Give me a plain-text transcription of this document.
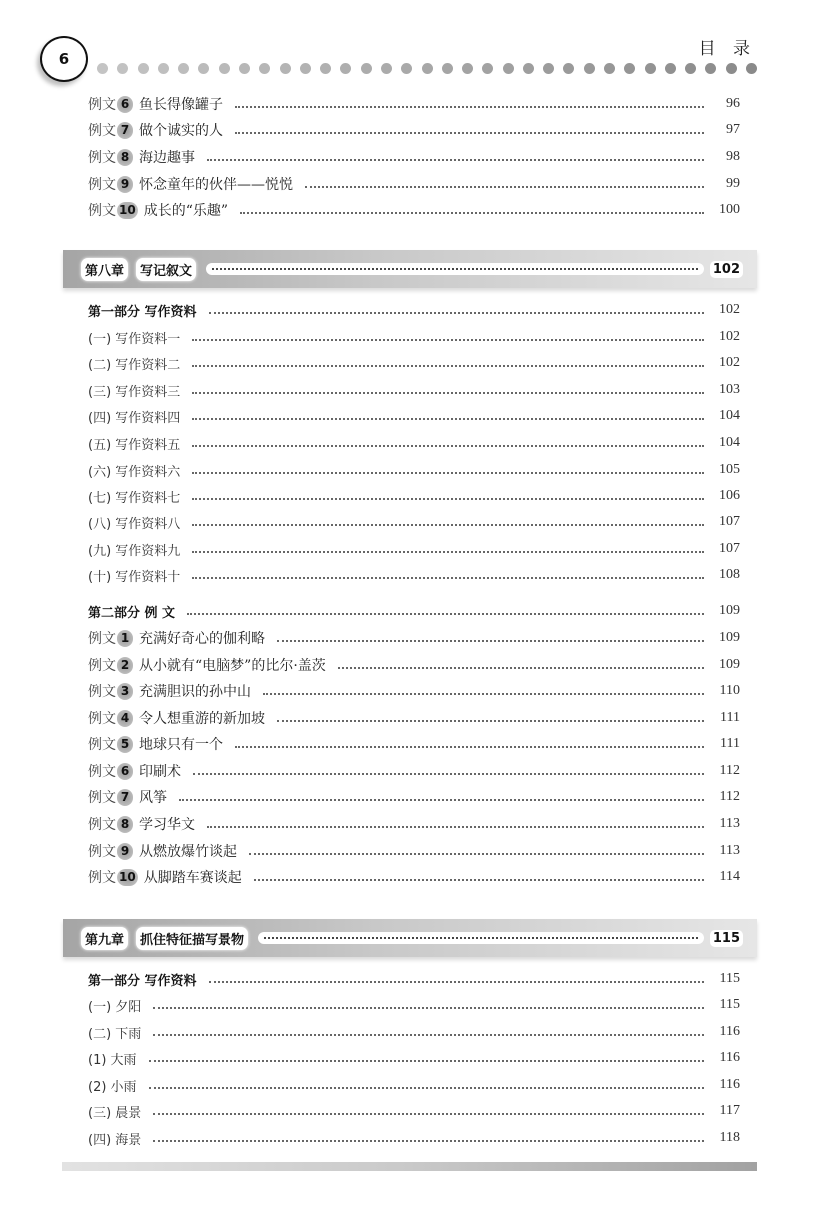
6	目 录
例文 6 鱼长得像罐子	96
例文 7 做个诚实的人	97
例文 8 海边趣事	98
例文 9 怀念童年的伙伴——悦悦	99
例文 10 成长的“乐趣”	100
第八章	写记叙文	102
第一部分 写作资料	102
(一) 写作资料一	102
(二) 写作资料二	102
(三) 写作资料三	103
(四) 写作资料四	104
(五) 写作资料五	104
(六) 写作资料六	105
(七) 写作资料七	106
(八) 写作资料八	107
(九) 写作资料九	107
(十) 写作资料十	108
第二部分 例 文	109
例文 1 充满好奇心的伽利略	109
例文 2 从小就有“电脑梦”的比尔·盖茨	109
例文 3 充满胆识的孙中山	110
例文 4 令人想重游的新加坡	111
例文 5 地球只有一个	111
例文 6 印刷术	112
例文 7 风筝	112
例文 8 学习华文	113
例文 9 从燃放爆竹谈起	113
例文 10 从脚踏车赛谈起	114
第九章	抓住特征描写景物	115
第一部分 写作资料	115
(一) 夕阳	115
(二) 下雨	116
(1) 大雨	116
(2) 小雨	116
(三) 晨景	117
(四) 海景	118
